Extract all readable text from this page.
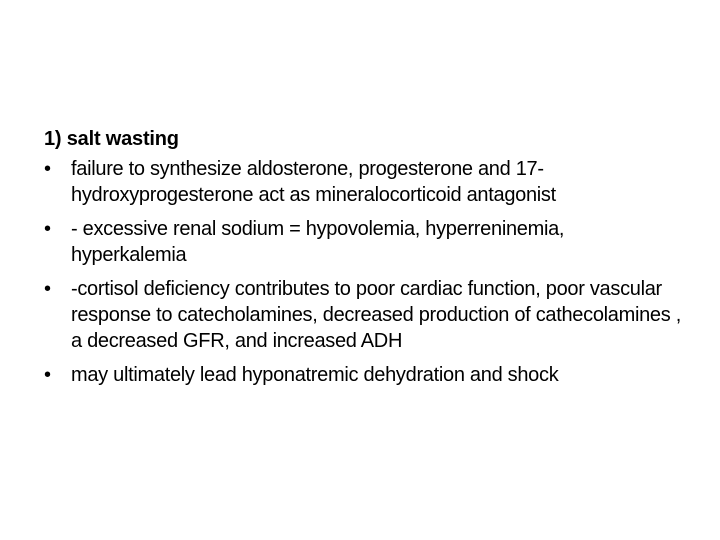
1) salt wasting
•	failure to synthesize aldosterone, progesterone and 17-hydroxyprogesterone act as mineralocorticoid antagonist
•	- excessive renal sodium = hypovolemia, hyperreninemia, hyperkalemia
•	-cortisol deficiency contributes to poor cardiac function, poor vascular response to catecholamines, decreased production of cathecolamines , a decreased GFR, and increased ADH
•	may ultimately lead hyponatremic dehydration and shock
